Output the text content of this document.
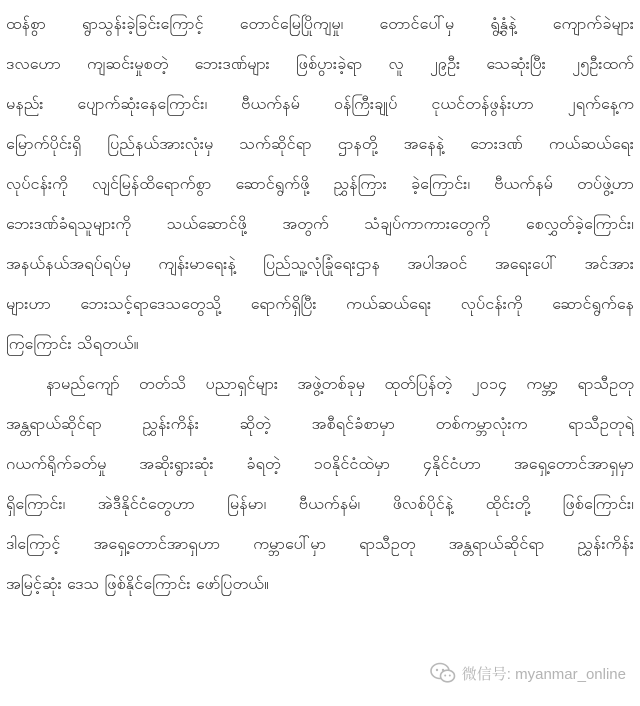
ထန်စွာ ရွာသွန်းခဲ့ခြင်းကြောင့် တောင်မြေပြိုကျမှု၊ တောင်ပေါ်မှ ရွံ့နွံနဲ့ ကျောက်ခဲများ
ဒလဟော ကျဆင်းမှုစတဲ့ ဘေးဒဏ်များ ဖြစ်ပွားခဲ့ရာ လူ ၂၉ဦး သေဆုံးပြီး ၂၅ဦးထက်
မနည်း ပျောက်ဆုံးနေကြောင်း၊ ဗီယက်နမ် ဝန်ကြီးချုပ် ငုယင်တန်ဖွန်းဟာ ၂ရက်နေ့က
မြောက်ပိုင်းရှိ ပြည်နယ်အားလုံးမှ သက်ဆိုင်ရာ ဌာနတို့ အနေနဲ့ ဘေးဒဏ် ကယ်ဆယ်ရေး
လုပ်ငန်းကို လျင်မြန်ထိရောက်စွာ ဆောင်ရွက်ဖို့ ညွှန်ကြား ခဲ့ကြောင်း၊ ဗီယက်နမ် တပ်ဖွဲ့ဟာ
ဘေးဒဏ်ခံရသူများကို သယ်ဆောင်ဖို့ အတွက် သံချပ်ကာကားတွေကို စေလွှတ်ခဲ့ကြောင်း၊
အနယ်နယ်အရပ်ရပ်မှ ကျန်းမာရေးနဲ့ ပြည်သူ့လုံခြုံရေးဌာန အပါအဝင် အရေးပေါ် အင်အား
များဟာ ဘေးသင့်ရာဒေသတွေသို့ ရောက်ရှိပြီး ကယ်ဆယ်ရေး လုပ်ငန်းကို ဆောင်ရွက်နေ
ကြကြောင်း သိရတယ်။
နာမည်ကျော် တတ်သိ ပညာရှင်များ အဖွဲ့တစ်ခုမှ ထုတ်ပြန်တဲ့ ၂၀၁၄ ကမ္ဘာ့ ရာသီဥတု
အန္တရာယ်ဆိုင်ရာ ညွှန်းကိန်း ဆိုတဲ့ အစီရင်ခံစာမှာ တစ်ကမ္ဘာလုံးက ရာသီဥတုရဲ့
ဂယက်ရိုက်ခတ်မှု အဆိုးရွားဆုံး ခံရတဲ့ ၁၀နိုင်ငံထဲမှာ ၄နိုင်ငံဟာ အရှေ့တောင်အာရှမှာ
ရှိကြောင်း၊ အဲဒီနိုင်ငံတွေဟာ မြန်မာ၊ ဗီယက်နမ်၊ ဖိလစ်ပိုင်နဲ့ ထိုင်းတို့ ဖြစ်ကြောင်း၊
ဒါကြောင့် အရှေ့တောင်အာရှဟာ ကမ္ဘာပေါ်မှာ ရာသီဥတု အန္တရာယ်ဆိုင်ရာ ညွှန်းကိန်း
အမြင့်ဆုံး ဒေသ ဖြစ်နိုင်ကြောင်း ဖော်ပြတယ်။
微信号: myanmar_online
